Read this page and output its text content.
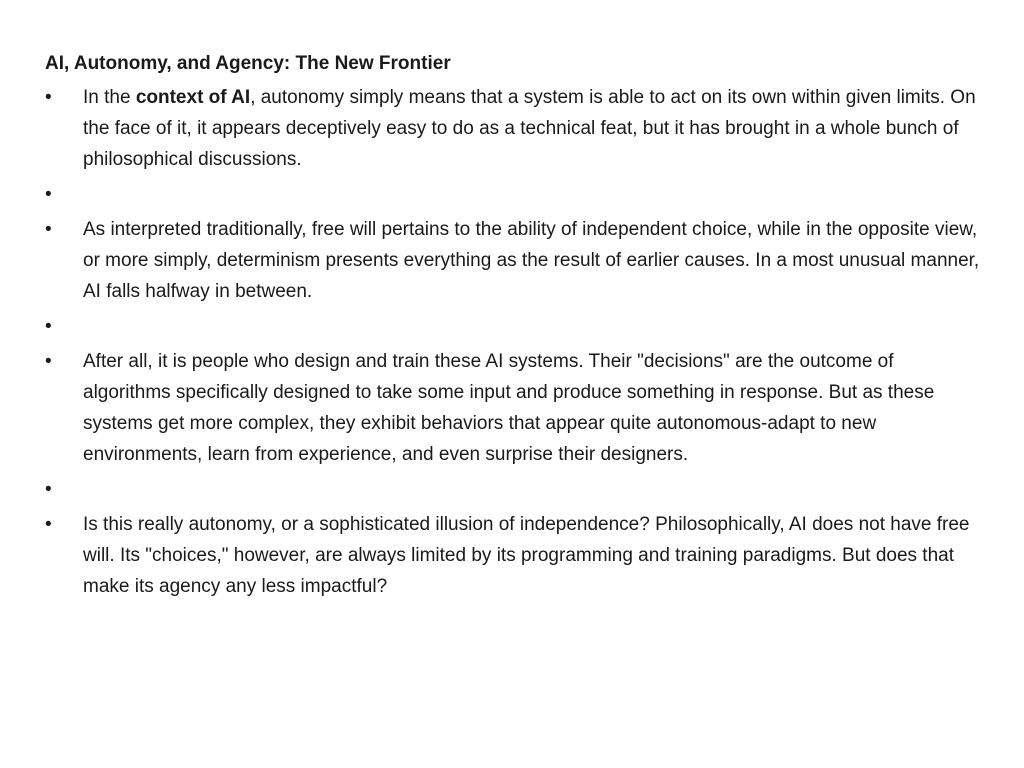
AI, Autonomy, and Agency: The New Frontier
•	In the context of AI, autonomy simply means that a system is able to act on its own within given limits. On the face of it, it appears deceptively easy to do as a technical feat, but it has brought in a whole bunch of philosophical discussions.
•
•	As interpreted traditionally, free will pertains to the ability of independent choice, while in the opposite view, or more simply, determinism presents everything as the result of earlier causes. In a most unusual manner, AI falls halfway in between.
•
•	After all, it is people who design and train these AI systems. Their "decisions" are the outcome of algorithms specifically designed to take some input and produce something in response. But as these systems get more complex, they exhibit behaviors that appear quite autonomous-adapt to new environments, learn from experience, and even surprise their designers.
•
•	Is this really autonomy, or a sophisticated illusion of independence? Philosophically, AI does not have free will. Its "choices," however, are always limited by its programming and training paradigms. But does that make its agency any less impactful?
